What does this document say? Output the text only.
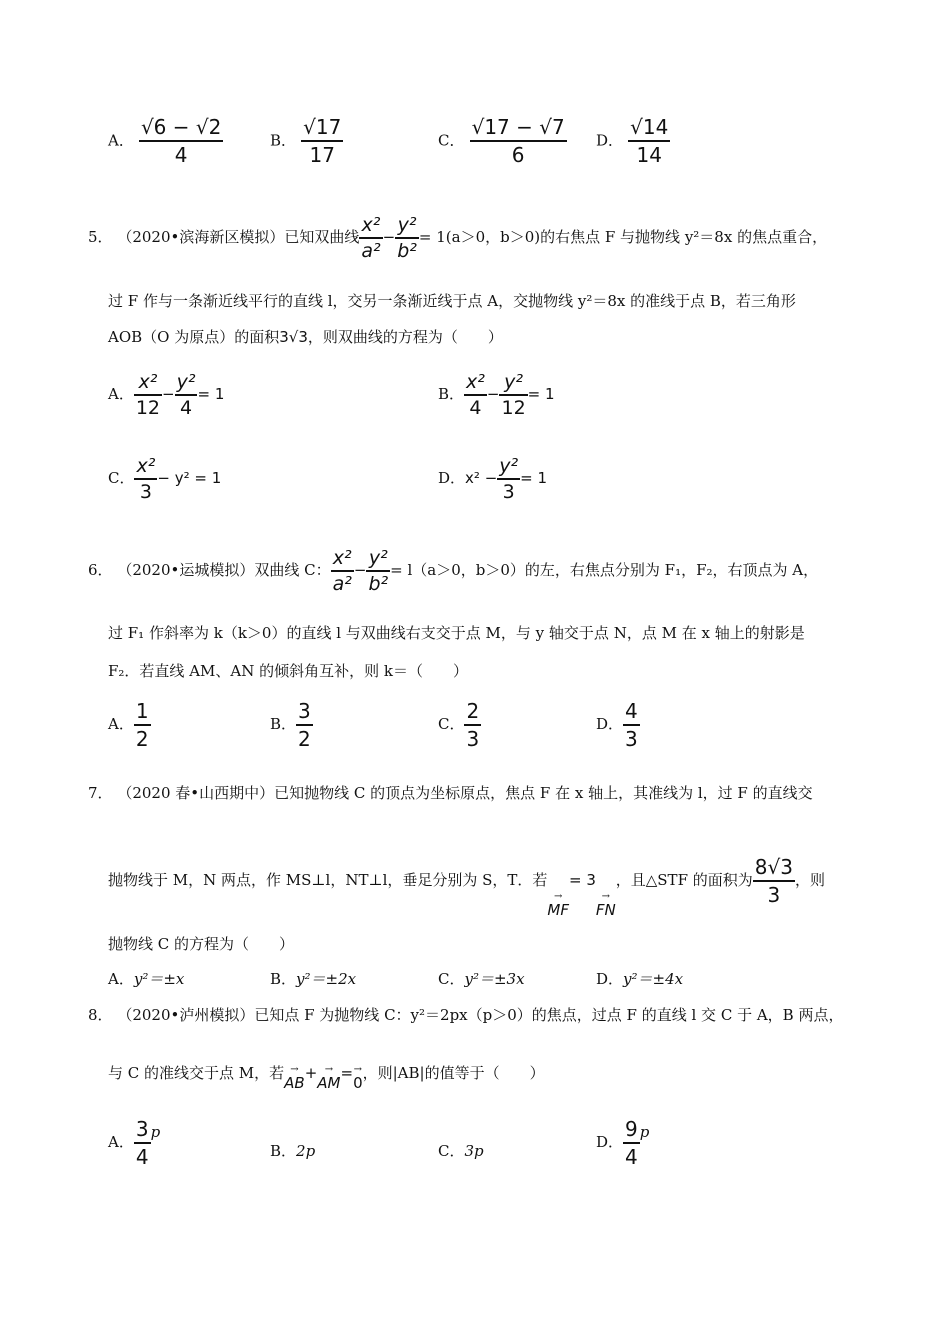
A． $\frac{√6 - √2}{4}$	B． $\frac{√17}{17}$	C． $\frac{√17 - √7}{6}$ D． $\frac{√14}{14}$
5． （2020•滨海新区模拟）已知双曲线 $\frac{\text{x²}}{\text{a²}} - \frac{\text{y²}}{\text{b²}} = 1(a>0$，b＞0)的右焦点 F 与抛物线 y²＝8x 的焦点重合，
过 F 作与一条渐近线平行的直线 l，交另一条渐近线于点 A，交抛物线 y²＝8x 的准线于点 B，若三角形
AOB（O 为原点）的面积3√3，则双曲线的方程为（　　）
A． $\frac{\text{x²}}{12} - \frac{\text{y²}}{4} = 1$	B． $\frac{\text{x²}}{4} - \frac{\text{y²}}{12} = 1$
C． $\frac{\text{x²}}{3} - y^2 = 1$	D．$x^2 - \frac{\text{y²}}{3} = 1$
6． （2020•运城模拟）双曲线 C： $\frac{\text{x²}}{\text{a²}} - \frac{\text{y²}}{\text{b²}} = l(a>0$，b＞0）的左，右焦点分别为 F₁，F₂，右顶点为 A，
过 F₁ 作斜率为 k（k＞0）的直线 l 与双曲线右支交于点 M，与 y 轴交于点 N，点 M 在 x 轴上的射影是
F₂．若直线 AM、AN 的倾斜角互补，则 k＝（　　）
A． $\frac{1}{2}$	B． $\frac{3}{2}$	C． $\frac{2}{3}$	D． $\frac{4}{3}$
7． （2020 春•山西期中）已知抛物线 C 的顶点为坐标原点，焦点 F 在 x 轴上，其准线为 l，过 F 的直线交
抛物线于 M，N 两点，作 MS⊥l，NT⊥l，垂足分别为 S，T．若
→
MF
= 3
→
FN
，且△STF 的面积为 $\frac{8√3}{3}$ ，则
抛物线 C 的方程为（　　）
A．y²＝±x	B．y²＝±2x	C．y²＝±3x	D．y²＝±4x
8． （2020•泸州模拟）已知点 F 为抛物线 C：y²＝2px（p＞0）的焦点，过点 F 的直线 l 交 C 于 A，B 两点，
与 C 的准线交于点 M，若 →
AB
+ →
AM
= →
0
，则|AB|的值等于（　　）
A． $\frac{3}{4}$ p
B．2p	C．3p	D． $\frac{9}{4}$ p
